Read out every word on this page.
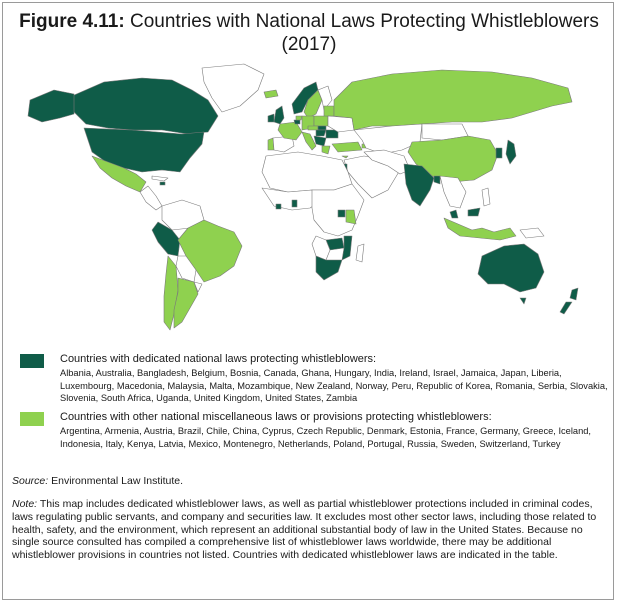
Figure 4.11: Countries with National Laws Protecting Whistleblowers
(2017)
Countries with dedicated national laws protecting whistleblowers:
Albania, Australia, Bangladesh, Belgium, Bosnia, Canada, Ghana, Hungary, India, Ireland, Israel, Jamaica, Japan, Liberia, Luxembourg, Macedonia, Malaysia, Malta, Mozambique, New Zealand, Norway, Peru, Republic of Korea, Romania, Serbia, Slovakia, Slovenia, South Africa, Uganda, United Kingdom, United States, Zambia
Countries with other national miscellaneous laws or provisions protecting whistleblowers:
Argentina, Armenia, Austria, Brazil, Chile, China, Cyprus, Czech Republic, Denmark, Estonia, France, Germany, Greece, Iceland, Indonesia, Italy, Kenya, Latvia, Mexico, Montenegro, Netherlands, Poland, Portugal, Russia, Sweden, Switzerland, Turkey
Source: Environmental Law Institute.
Note: This map includes dedicated whistleblower laws, as well as partial whistleblower protections included in criminal codes, laws regulating public servants, and company and securities law. It excludes most other sector laws, including those related to health, safety, and the environment, which represent an additional substantial body of law in the United States. Because no single source consulted has compiled a comprehensive list of whistleblower laws worldwide, there may be additional whistleblower provisions in countries not listed. Countries with dedicated whistleblower laws are indicated in the table.
